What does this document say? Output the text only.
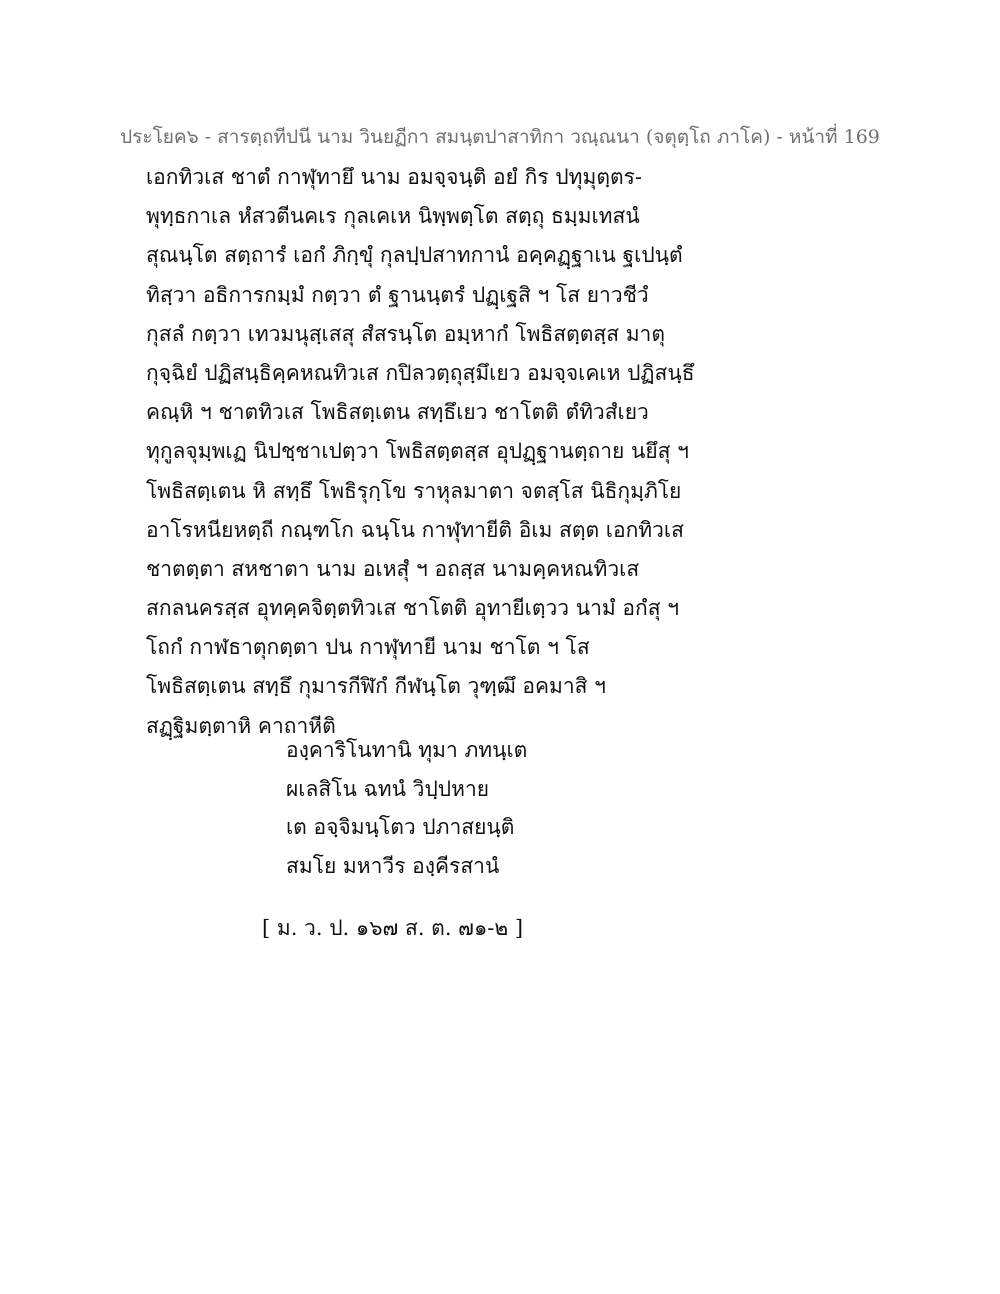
ประโยค๖ - สารตฺถทีปนี นาม วินยฏีกา สมนฺตปาสาทิกา วณฺณนา (จตุตฺโถ ภาโค) - หน้าที่ 169
เอกทิวเส ชาตํ กาฬุทายึ นาม อมจฺจนฺติ อยํ กิร ปทุมุตฺตร-
พุทฺธกาเล หํสวตีนคเร กุลเคเห นิพฺพตฺโต สตฺถุ ธมฺมเทสนํ
สุณนฺโต สตฺถารํ เอกํ ภิกฺขุํ กุลปฺปสาทกานํ อคฺคฏฺฐาเน ฐเปนฺตํ
ทิสฺวา อธิการกมฺมํ กตฺวา ตํ ฐานนฺตรํ ปฏฺเฐสิ ฯ โส ยาวชีวํ
กุสลํ กตฺวา เทวมนุสฺเสสุ สํสรนฺโต อมฺหากํ โพธิสตฺตสฺส มาตุ
กุจฺฉิยํ ปฏิสนฺธิคฺคหณทิวเส กปิลวตฺถุสฺมึเยว อมจฺจเคเห ปฏิสนฺธึ
คณฺหิ ฯ ชาตทิวเส โพธิสตฺเตน สทฺธึเยว ชาโตติ ตํทิวสํเยว
ทุกูลจุมฺพเฏ นิปชฺชาเปตฺวา โพธิสตฺตสฺส อุปฏฺฐานตฺถาย นยึสุ ฯ
โพธิสตฺเตน หิ สทฺธึ โพธิรุกฺโข ราหุลมาตา จตสฺโส นิธิกุมฺภิโย
อาโรหนียหตฺถี กณฺฑโก ฉนฺโน กาฬุทายีติ อิเม สตฺต เอกทิวเส
ชาตตฺตา สหชาตา นาม อเหสุํ ฯ อถสฺส นามคฺคหณทิวเส
สกลนครสฺส อุทคฺคจิตฺตทิวเส ชาโตติ อุทายีเตฺวว นามํ อกํสุ ฯ
โถกํ กาฬธาตุกตฺตา ปน กาฬุทายี นาม ชาโต ฯ โส
โพธิสตฺเตน สทฺธึ กุมารกีฬิกํ กีฬนฺโต วุฑฺฒึ อคมาสิ ฯ
สฏฺฐิมตฺตาหิ คาถาหีติ
องฺคาริโนทานิ ทุมา ภทนฺเต
ผเลสิโน ฉทนํ วิปฺปหาย
เต อจฺจิมนฺโตว ปภาสยนฺติ
สมโย มหาวีร องฺคีรสานํ
[ ม. ว. ป. ๑๖๗ ส. ต. ๗๑-๒ ]
